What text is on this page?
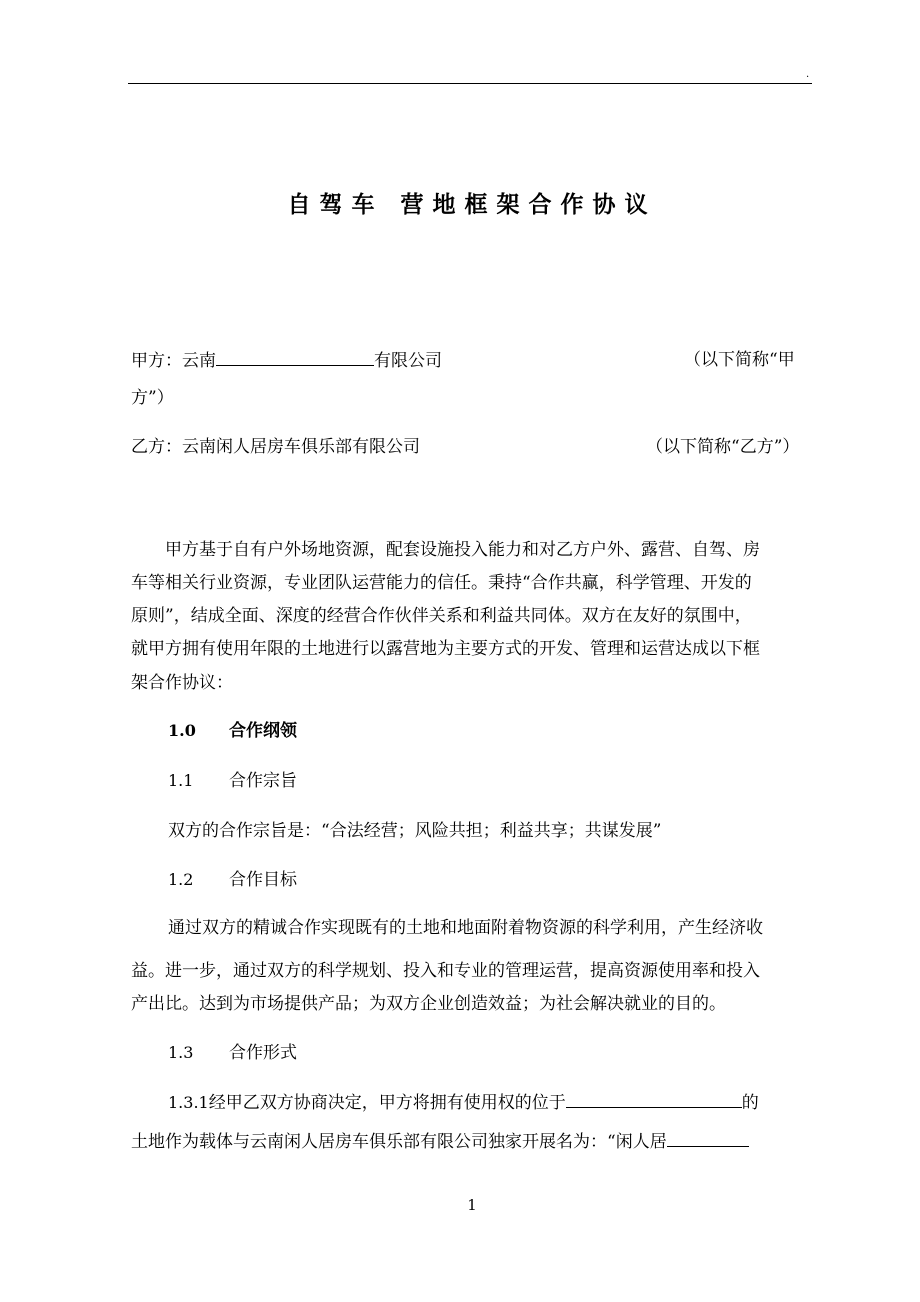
.
自驾车 营地框架合作协议
甲方：云南	有限公司	（以下简称“甲
方”）
乙方：云南闲人居房车俱乐部有限公司	（以下简称“乙方”）
甲方基于自有户外场地资源，配套设施投入能力和对乙方户外、露营、自驾、房
车等相关行业资源，专业团队运营能力的信任。秉持“合作共赢，科学管理、开发的
原则”，结成全面、深度的经营合作伙伴关系和利益共同体。双方在友好的氛围中，
就甲方拥有使用年限的土地进行以露营地为主要方式的开发、管理和运营达成以下框
架合作协议：
1.0 合作纲领
1.1 合作宗旨
双方的合作宗旨是：“合法经营；风险共担；利益共享；共谋发展”
1.2 合作目标
通过双方的精诚合作实现既有的土地和地面附着物资源的科学利用，产生经济收
益。进一步，通过双方的科学规划、投入和专业的管理运营，提高资源使用率和投入
产出比。达到为市场提供产品；为双方企业创造效益；为社会解决就业的目的。
1.3 合作形式
1.3.1经甲乙双方协商决定，甲方将拥有使用权的位于	的
土地作为载体与云南闲人居房车俱乐部有限公司独家开展名为：“闲人居
1
